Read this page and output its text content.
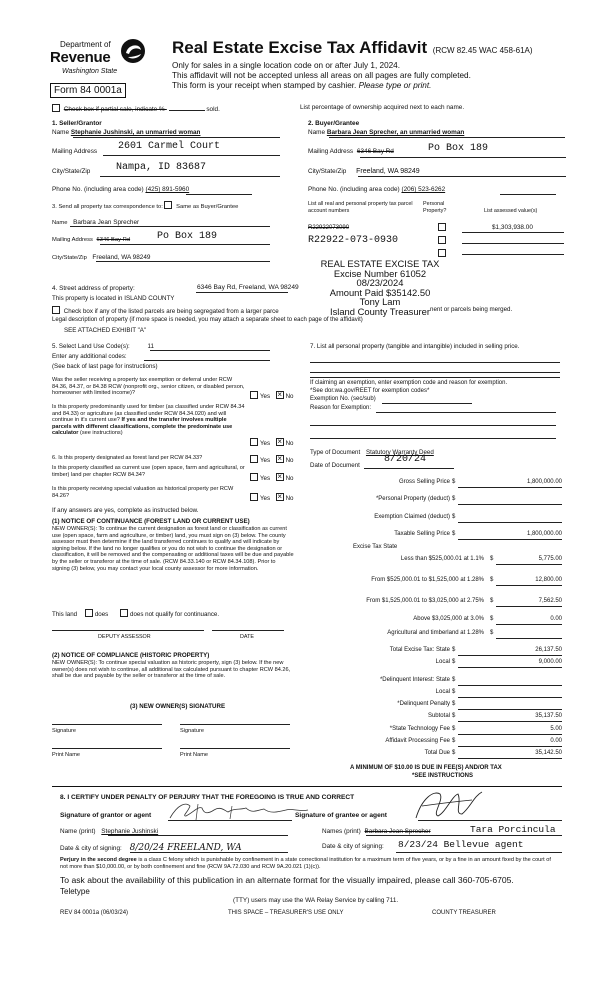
Department of
Revenue
Washington State
Real Estate Excise Tax Affidavit (RCW 82.45 WAC 458-61A)
Only for sales in a single location code on or after July 1, 2024.
This affidavit will not be accepted unless all areas on all pages are fully completed.
This form is your receipt when stamped by cashier. Please type or print.
Form 84 0001a
Check box if partial sale, indicate %-	sold.	List percentage of ownership acquired next to each name.
1. Seller/Grantor
Name Stephanie Jushinski, an unmarried woman
Mailing Address 2601 Carmel Court
City/State/Zip	Nampa, ID 83687
Phone No. (including area code) (425) 891-5960
2. Buyer/Grantee
Name Barbara Jean Sprecher, an unmarried woman
Mailing Address 6346 Bay Rd	Po Box 189
City/State/Zip Freeland, WA 98249
Phone No. (including area code) (206) 523-6262
3. Send all property tax correspondence to: Same as Buyer/Grantee
Name Barbara Jean Sprecher
Mailing Address 6346 Bay Rd	Po Box 189
City/State/Zip Freeland, WA 98249
List all real and personal property tax parcel account numbers
Personal Property?	List assessed value(s)
R22922073090
R22922-073-0930

$1,303,938.00
REAL ESTATE EXCISE TAX
Excise Number 61052
08/23/2024
Amount Paid $35142.50
Tony Lam
Island County Treasurer
4. Street address of property:	6346 Bay Rd, Freeland, WA 98249
This property is located in ISLAND COUNTY
Check box if any of the listed parcels are being segregated from a larger parce	nent or parcels being merged.
Legal description of property (if more space is needed, you may attach a separate sheet to each page of the affidavit)
SEE ATTACHED EXHIBIT "A"
5. Select Land Use Code(s):	11
Enter any additional codes:
(See back of last page for instructions)
7. List all personal property (tangible and intangible) included in selling price.
Was the seller receiving a property tax exemption or deferral under RCW 84.36, 84.37, or 84.38 RCW (nonprofit org., senior citizen, or disabled person, homeowner with limited income)?	Yes × No
Is this property predominantly used for timber (as classified under RCW 84.34 and 84.33) or agriculture (as classified under RCW 84.34.020) and will continue in it's current use? If yes and the transfer involves multiple parcels with different classifications, complete the predominate use calculator (see instructions)
Yes × No
6. Is this property designated as forest land per RCW 84.33?	Yes × No
Is this property classified as current use (open space, farm and agricultural, or timber) land per chapter RCW 84.34?
Yes × No
Is this property receiving special valuation as historical property per RCW 84.26?	Yes × No
If any answers are yes, complete as instructed below.
(1) NOTICE OF CONTINUANCE (FOREST LAND OR CURRENT USE)
NEW OWNER(S): To continue the current designation as forest land or classification as current use (open space, farm and agriculture, or timber) land, you must sign on (3) below. The county assessor must then determine if the land transferred continues to qualify and will indicate by signing below. If the land no longer qualifies or you do not wish to continue the designation or classification, it will be removed and the compensating or additional taxes will be due and payable by the seller or transferor at the time of sale. (RCW 84.33.140 or RCW 84.34.108). Prior to signing (3) below, you may contact your local county assessor for more information.
This land	does	does not qualify for continuance.
DEPUTY ASSESSOR	DATE
(2) NOTICE OF COMPLIANCE (HISTORIC PROPERTY)
NEW OWNER(S): To continue special valuation as historic property, sign (3) below. If the new owner(s) does not wish to continue, all additional tax calculated pursuant to chapter RCW 84.26, shall be due and payable by the seller or transferor at the time of sale.
(3) NEW OWNER(S) SIGNATURE
Signature	Signature
Print Name	Print Name
If claiming an exemption, enter exemption code and reason for exemption.
*See dor.wa.gov/REET for exemption codes*
Exemption No. (sec/sub)
Reason for Exemption:
Type of Document Statutory Warranty Deed
Date of Document
8/20/24
Gross Selling Price $	1,800,000.00
*Personal Property (deduct) $
Exemption Claimed (deduct) $
Taxable Selling Price $	1,800,000.00
Excise Tax State
Less than $525,000.01 at 1.1% $	5,775.00
From $525,000.01 to $1,525,000 at 1.28% $	12,800.00
From $1,525,000.01 to $3,025,000 at 2.75% $	7,562.50
Above $3,025,000 at 3.0% $	0.00
Agricultural and timberland at 1.28% $
Total Excise Tax: State $	26,137.50
Local $	9,000.00
*Delinquent Interest: State $
Local $
*Delinquent Penalty $
Subtotal $	35,137.50
*State Technology Fee $	5.00
Affidavit Processing Fee $	0.00
Total Due $	35,142.50
A MINIMUM OF $10.00 IS DUE IN FEE(S) AND/OR TAX
*SEE INSTRUCTIONS
8. I CERTIFY UNDER PENALTY OF PERJURY THAT THE FOREGOING IS TRUE AND CORRECT
Signature of grantor or agent	Signature of grantee or agent
Name (print) Stephanie Jushinski	Names (print) Barbara Jean Sprecher	Tara Porcincula
Date & city of signing: 8/20/24 FREELAND, WA	Date & city of signing: 8/23/24 Bellevue agent
Perjury in the second degree is a class C felony which is punishable by confinement in a state correctional institution for a maximum term of five years, or by a fine in an amount fixed by the court of not more than $10,000.00, or by both confinement and fine (RCW 9A.72.030 and RCW 9A.20.021 (1)(c)).
To ask about the availability of this publication in an alternate format for the visually impaired, please call 360-705-6705.
Teletype
(TTY) users may use the WA Relay Service by calling 711.
REV 84 0001a (06/03/24)	THIS SPACE – TREASURER'S USE ONLY	COUNTY TREASURER
